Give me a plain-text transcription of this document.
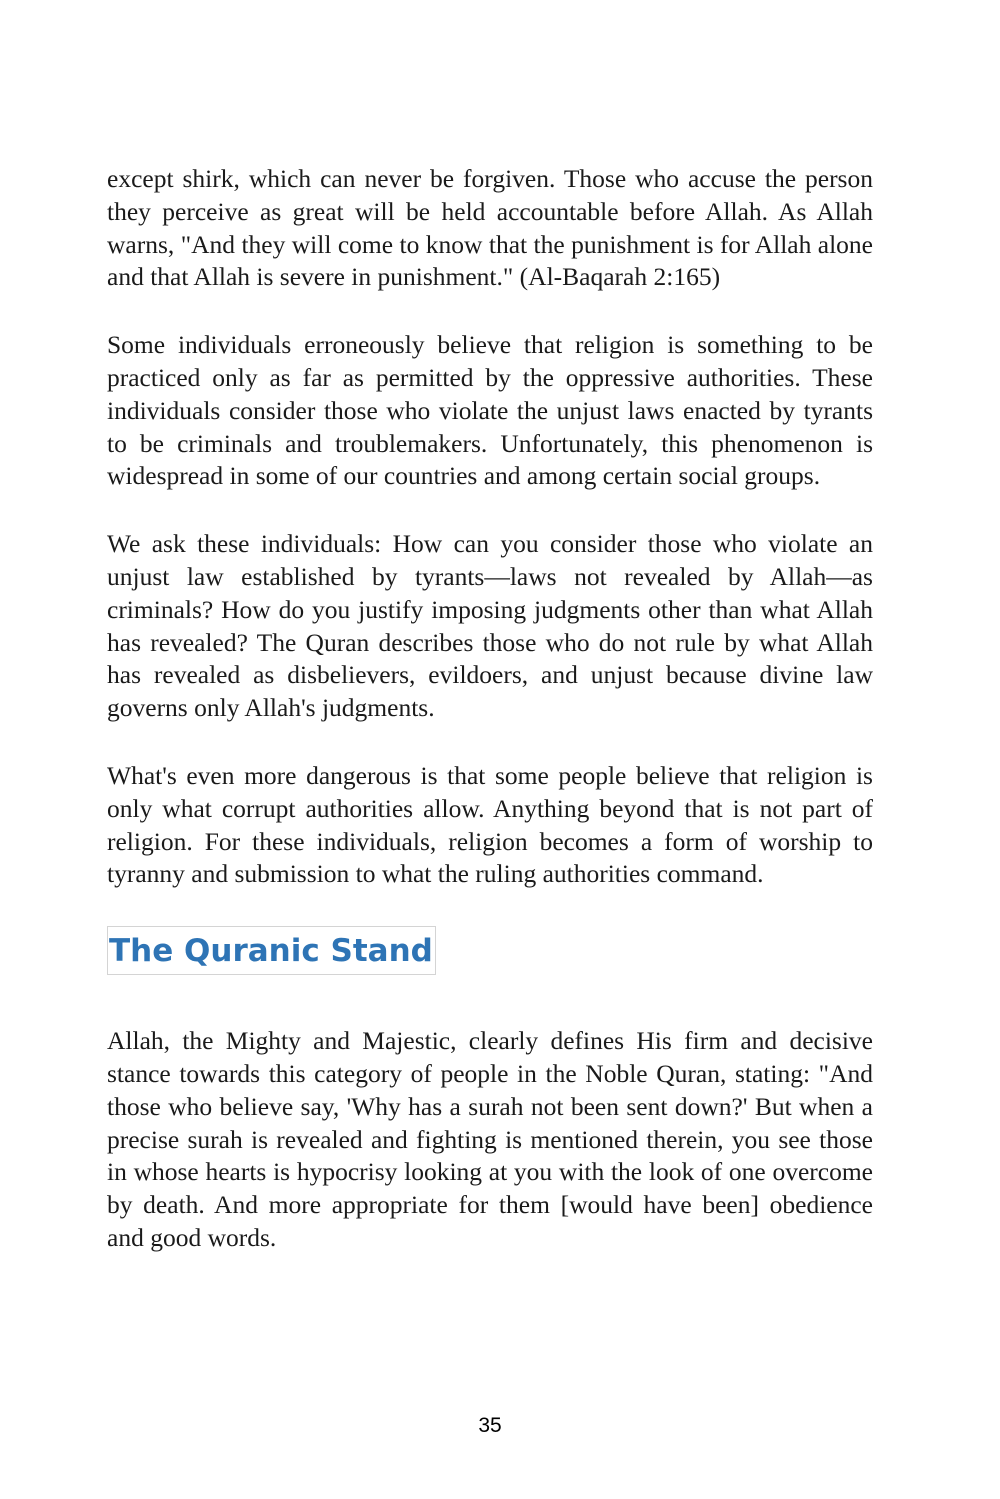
except shirk, which can never be forgiven. Those who accuse the person they perceive as great will be held accountable before Allah. As Allah warns, "And they will come to know that the punishment is for Allah alone and that Allah is severe in punishment." (Al-Baqarah 2:165)

Some individuals erroneously believe that religion is something to be practiced only as far as permitted by the oppressive authorities. These individuals consider those who violate the unjust laws enacted by tyrants to be criminals and troublemakers. Unfortunately, this phenomenon is widespread in some of our countries and among certain social groups.

We ask these individuals: How can you consider those who violate an unjust law established by tyrants—laws not revealed by Allah—as criminals? How do you justify imposing judgments other than what Allah has revealed? The Quran describes those who do not rule by what Allah has revealed as disbelievers, evildoers, and unjust because divine law governs only Allah's judgments.

What's even more dangerous is that some people believe that religion is only what corrupt authorities allow. Anything beyond that is not part of religion. For these individuals, religion becomes a form of worship to tyranny and submission to what the ruling authorities command.

The Quranic Stand

Allah, the Mighty and Majestic, clearly defines His firm and decisive stance towards this category of people in the Noble Quran, stating: "And those who believe say, 'Why has a surah not been sent down?' But when a precise surah is revealed and fighting is mentioned therein, you see those in whose hearts is hypocrisy looking at you with the look of one overcome by death. And more appropriate for them [would have been] obedience and good words.

35
